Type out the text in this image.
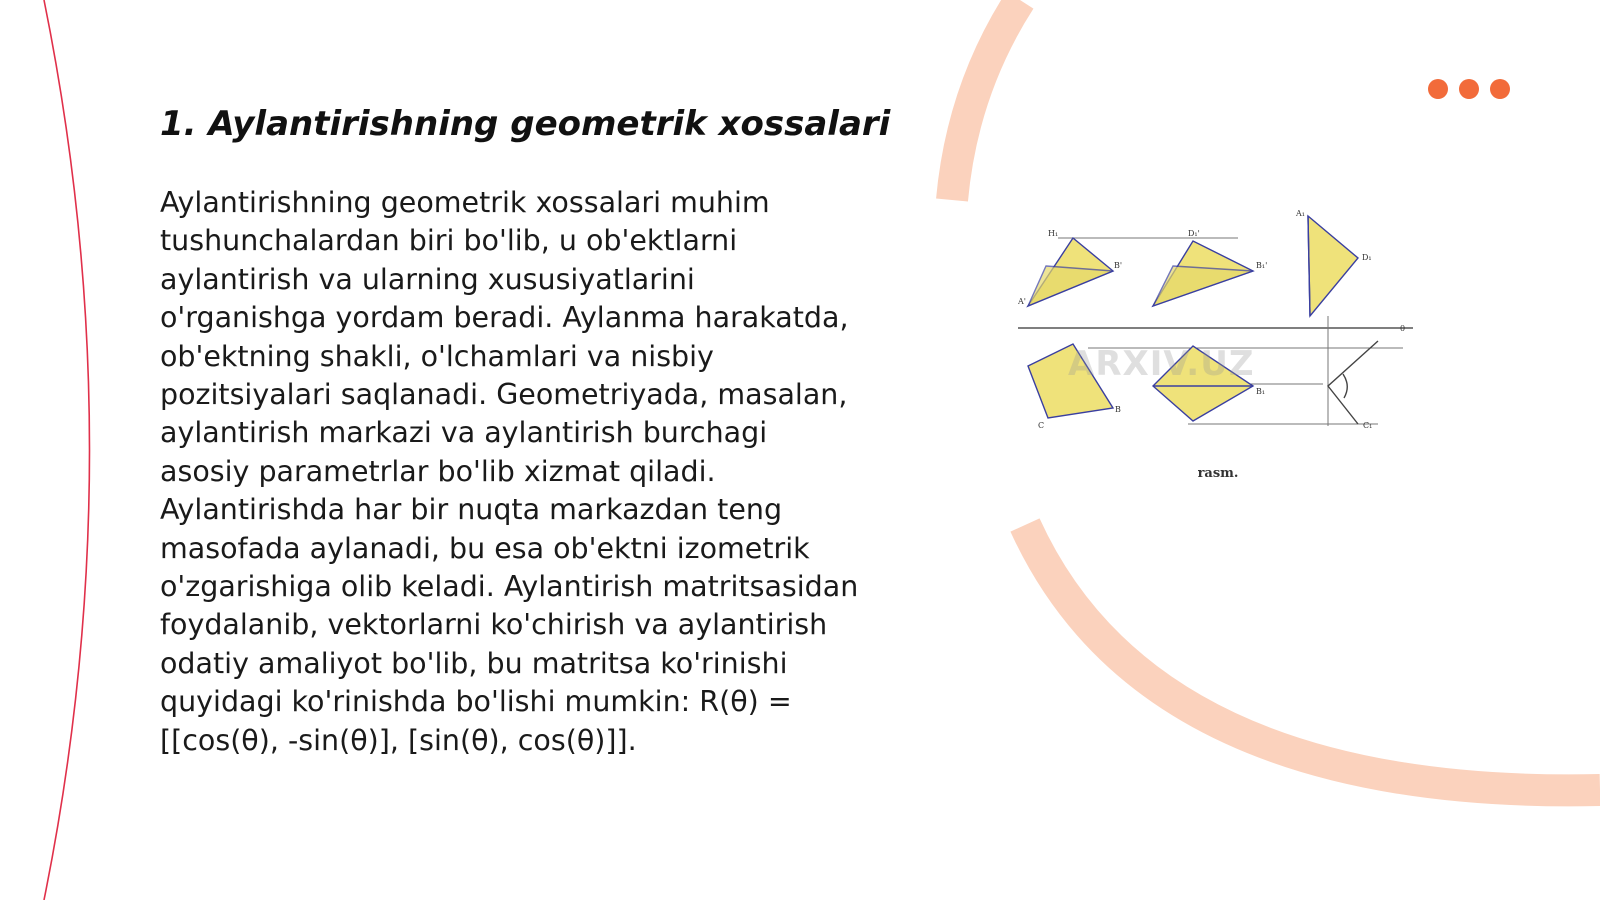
1. Aylantirishning geometrik xossalari

Aylantirishning geometrik xossalari muhim tushunchalardan biri bo'lib, u ob'ektlarni aylantirish va ularning xususiyatlarini o'rganishga yordam beradi. Aylanma harakatda, ob'ektning shakli, o'lchamlari va nisbiy pozitsiyalari saqlanadi. Geometriyada, masalan, aylantirish markazi va aylantirish burchagi asosiy parametrlar bo'lib xizmat qiladi. Aylantirishda har bir nuqta markazdan teng masofada aylanadi, bu esa ob'ektni izometrik o'zgarishiga olib keladi. Aylantirish matritsasidan foydalanib, vektorlarni ko'chirish va aylantirish odatiy amaliyot bo'lib, bu matritsa ko'rinishi quyidagi ko'rinishda bo'lishi mumkin: R(θ) = [[cos(θ), -sin(θ)], [sin(θ), cos(θ)]].

H₁
B'
D₁'
B₁'
A₁
D₁
A'
0
B
C
B₁
C₁
ARXIV.UZ
rasm.
